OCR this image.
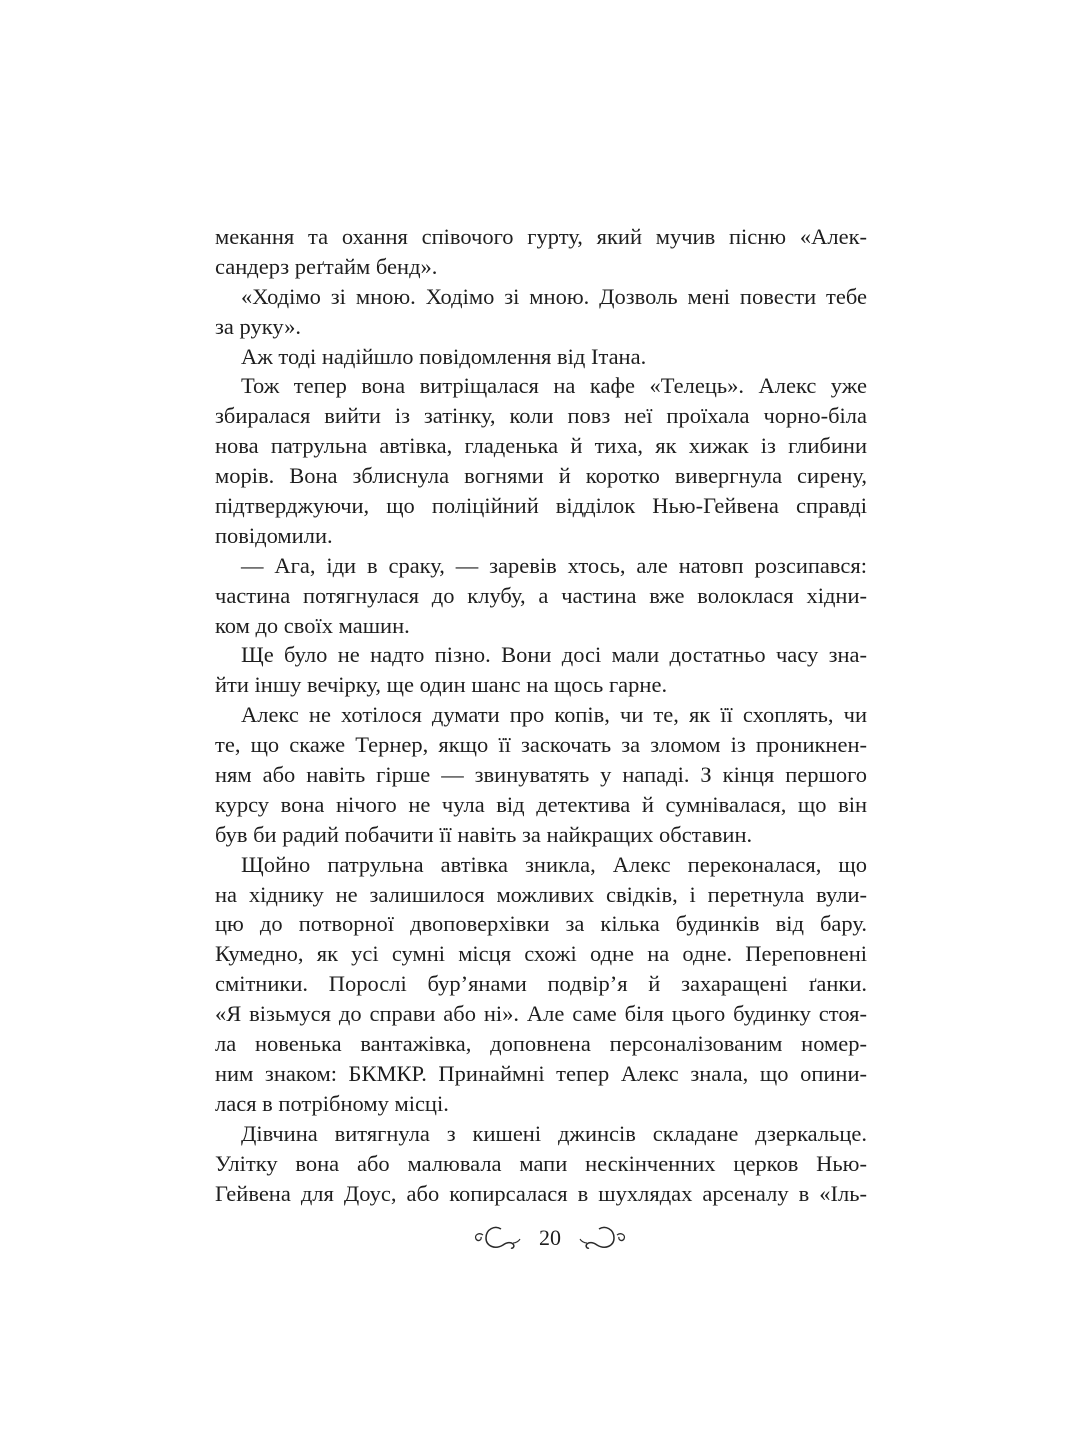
мекання та охання співочого гурту, який мучив пісню «Алек-
сандерз реґтайм бенд».
«Ходімо зі мною. Ходімо зі мною. Дозволь мені повести тебе
за руку».
Аж тоді надійшло повідомлення від Ітана.
Тож тепер вона витріщалася на кафе «Телець». Алекс уже
збиралася вийти із затінку, коли повз неї проїхала чорно-біла
нова патрульна автівка, гладенька й тиха, як хижак із глибини
морів. Вона зблиснула вогнями й коротко вивергнула сирену,
підтверджуючи, що поліційний відділок Нью-Гейвена справді
повідомили.
— Ага, іди в сраку, — заревів хтось, але натовп розсипався:
частина потягнулася до клубу, а частина вже волоклася хідни-
ком до своїх машин.
Ще було не надто пізно. Вони досі мали достатньо часу зна-
йти іншу вечірку, ще один шанс на щось гарне.
Алекс не хотілося думати про копів, чи те, як її схоплять, чи
те, що скаже Тернер, якщо її заскочать за зломом із проникнен-
ням або навіть гірше — звинуватять у нападі. З кінця першого
курсу вона нічого не чула від детектива й сумнівалася, що він
був би радий побачити її навіть за найкращих обставин.
Щойно патрульна автівка зникла, Алекс переконалася, що
на хіднику не залишилося можливих свідків, і перетнула вули-
цю до потворної двоповерхівки за кілька будинків від бару.
Кумедно, як усі сумні місця схожі одне на одне. Переповнені
смітники. Порослі бур’янами подвір’я й захаращені ґанки.
«Я візьмуся до справи або ні». Але саме біля цього будинку стоя-
ла новенька вантажівка, доповнена персоналізованим номер-
ним знаком: БКМКР. Принаймні тепер Алекс знала, що опини-
лася в потрібному місці.
Дівчина витягнула з кишені джинсів складане дзеркальце.
Улітку вона або малювала мапи нескінченних церков Нью-
Гейвена для Доус, або копирсалася в шухлядах арсеналу в «Іль-
20
